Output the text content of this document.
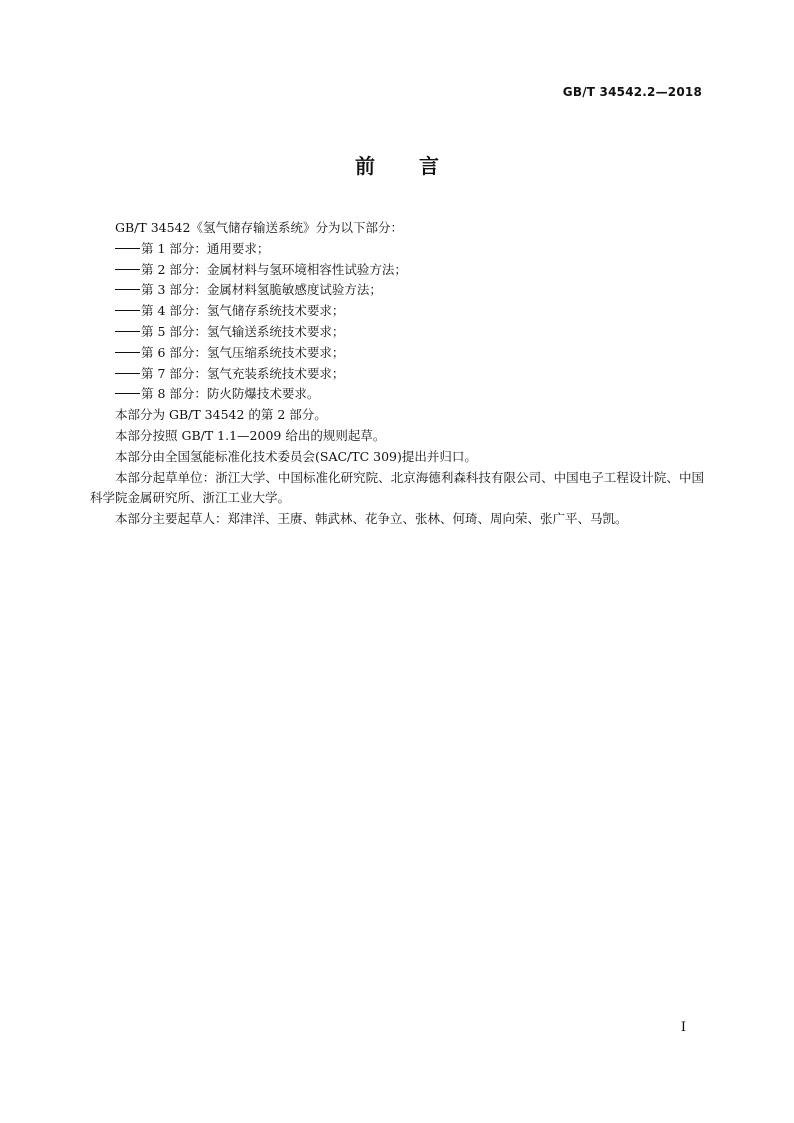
GB/T 34542.2—2018
前言

GB/T 34542《氢气储存输送系统》分为以下部分：

第 1 部分：通用要求；

第 2 部分：金属材料与氢环境相容性试验方法；

第 3 部分：金属材料氢脆敏感度试验方法；

第 4 部分：氢气储存系统技术要求；

第 5 部分：氢气输送系统技术要求；

第 6 部分：氢气压缩系统技术要求；

第 7 部分：氢气充装系统技术要求；

第 8 部分：防火防爆技术要求。

本部分为 GB/T 34542 的第 2 部分。

本部分按照 GB/T 1.1—2009 给出的规则起草。

本部分由全国氢能标准化技术委员会(SAC/TC 309)提出并归口。

本部分起草单位：浙江大学、中国标准化研究院、北京海德利森科技有限公司、中国电子工程设计院、中国科学院金属研究所、浙江工业大学。

本部分主要起草人：郑津洋、王赓、韩武林、花争立、张林、何琦、周向荣、张广平、马凯。

I
